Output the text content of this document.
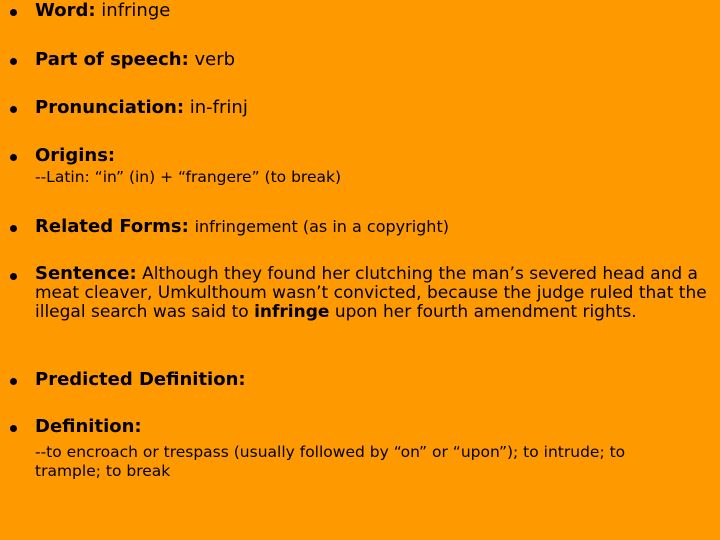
Word: infringe
Part of speech: verb
Pronunciation: in-frinj
Origins:
--Latin: “in” (in) + “frangere” (to break)
Related Forms: infringement (as in a copyright)
Sentence: Although they found her clutching the man’s severed head and a meat cleaver, Umkulthoum wasn’t convicted, because the judge ruled that the illegal search was said to infringe upon her fourth amendment rights.
Predicted Definition:
Definition:
--to encroach or trespass (usually followed by “on” or “upon”); to intrude; to trample; to break
